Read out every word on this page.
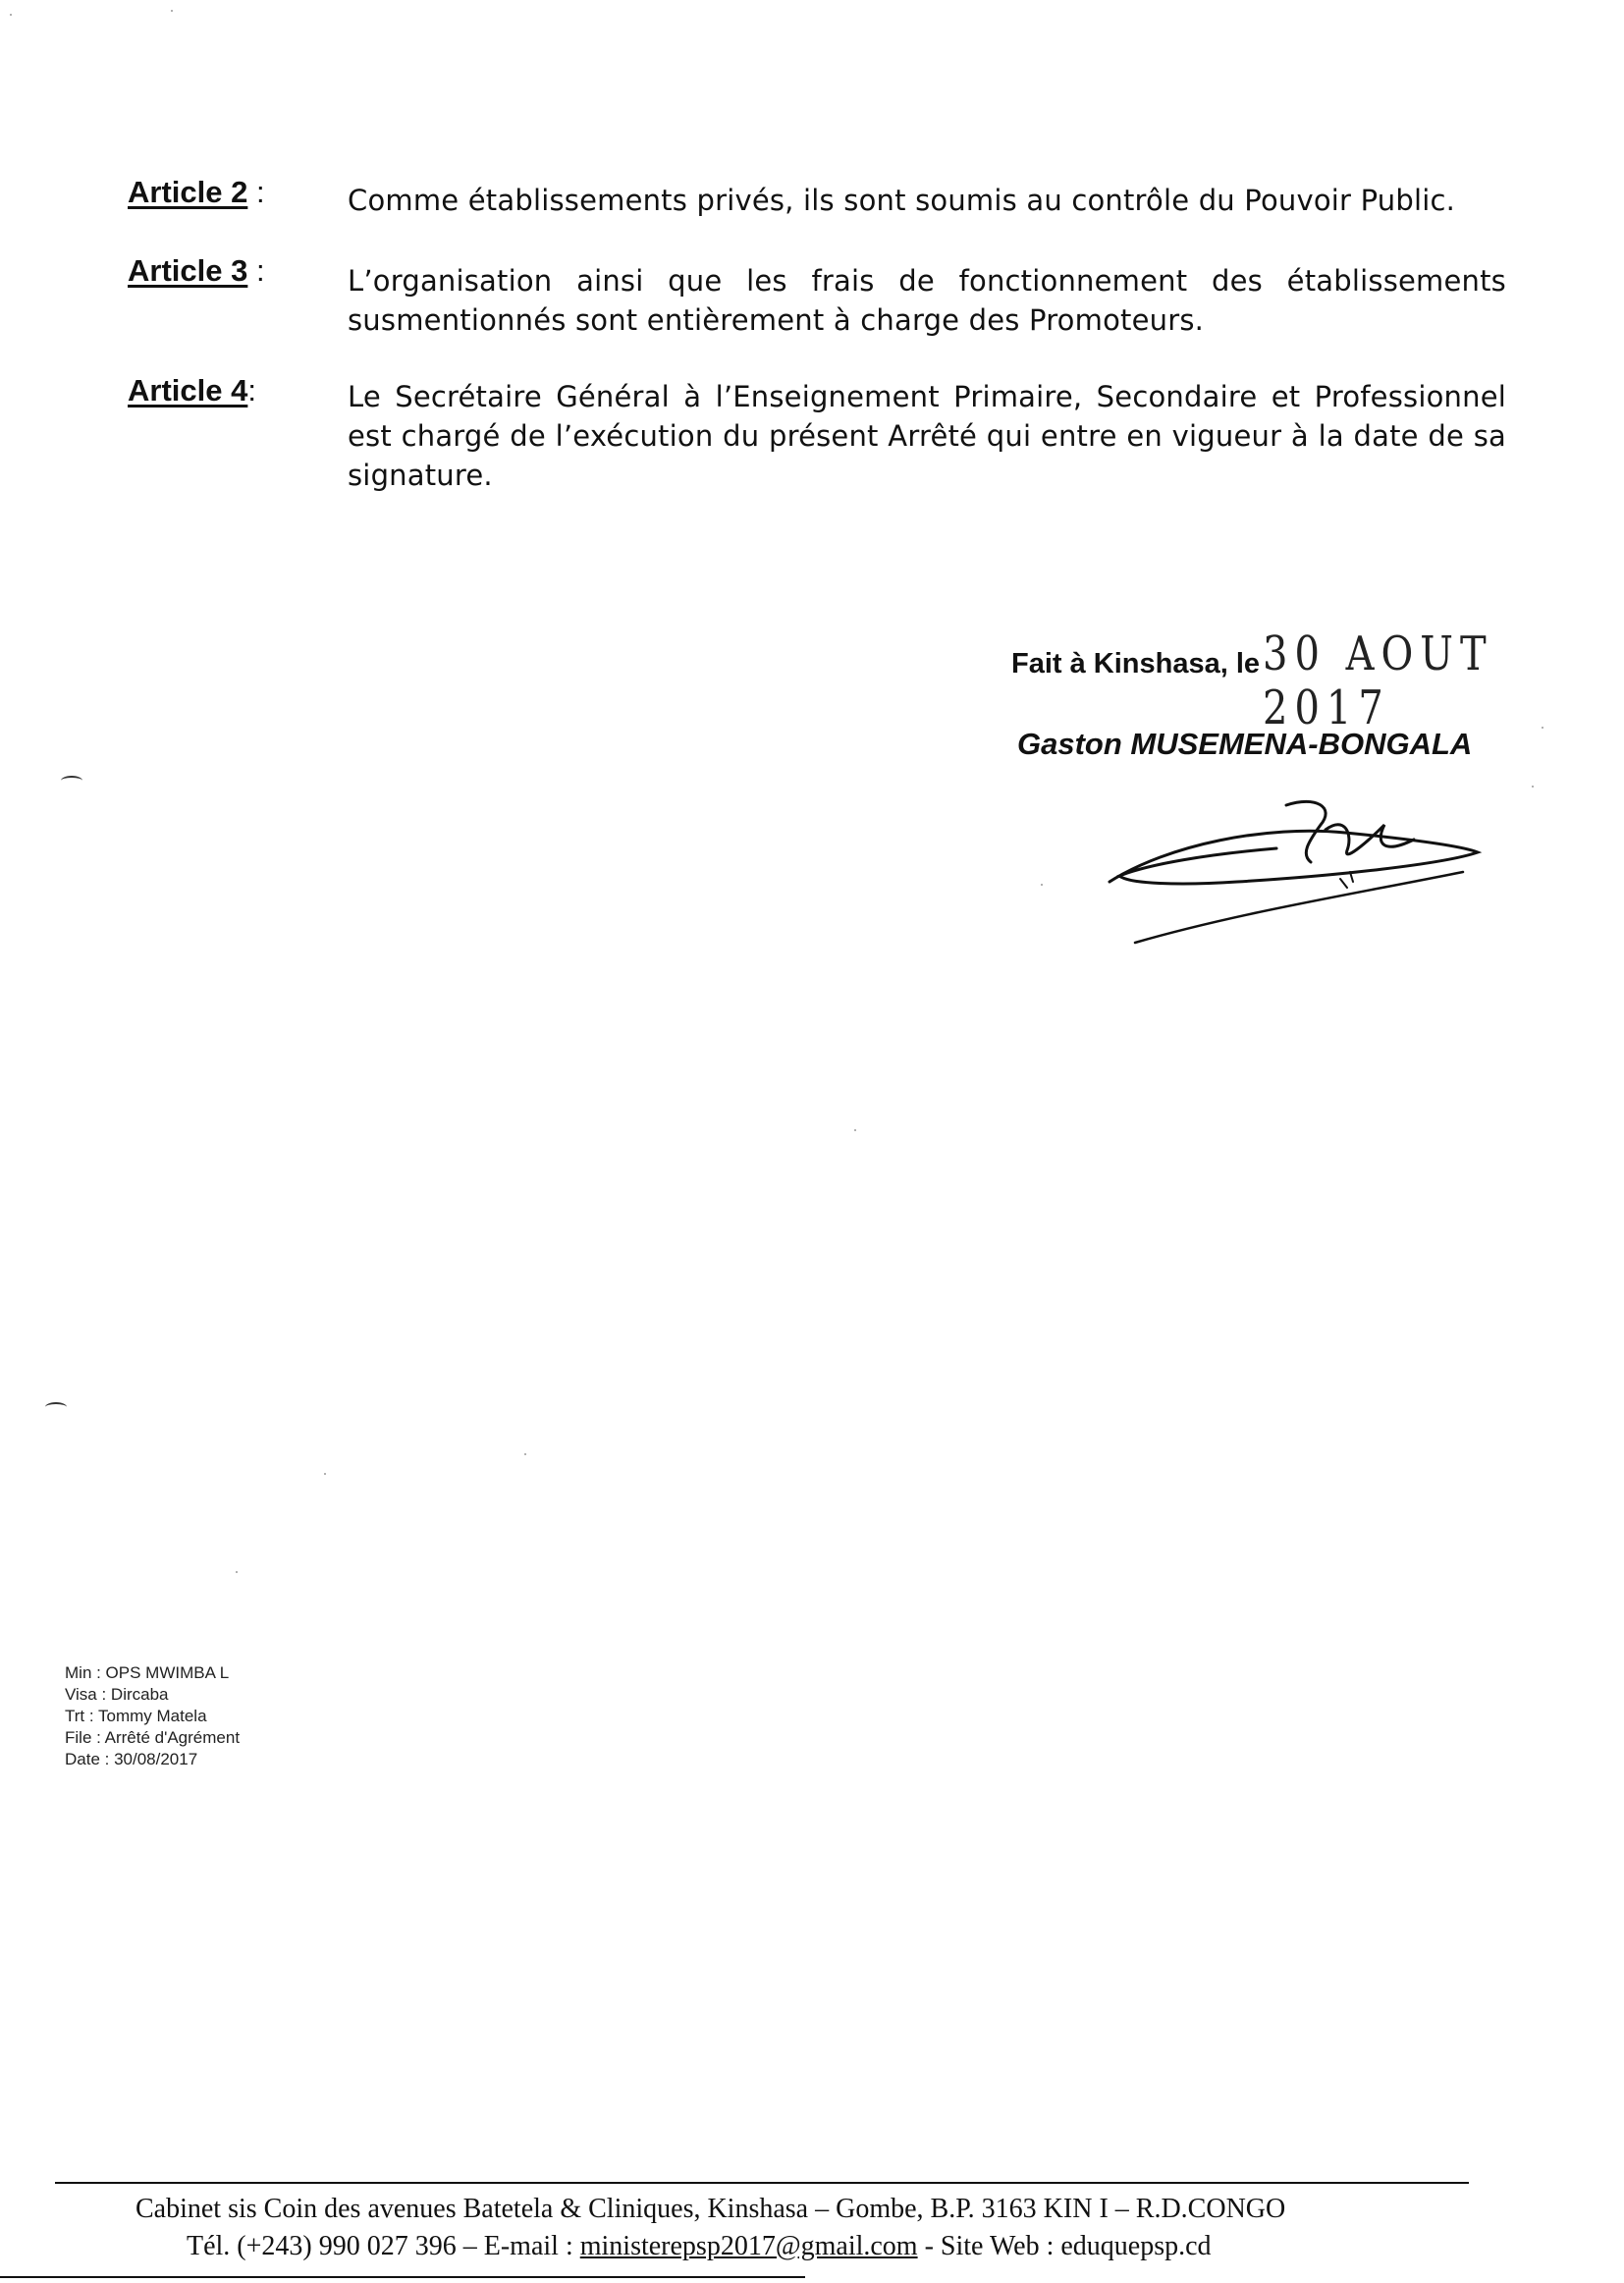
Article 2 :	Comme établissements privés, ils sont soumis au contrôle du Pouvoir Public.
Article 3 :	L’organisation ainsi que les frais de fonctionnement des établissements susmentionnés sont entièrement à charge des Promoteurs.
Article 4:	Le Secrétaire Général à l’Enseignement Primaire, Secondaire et Professionnel est chargé de l’exécution du présent Arrêté qui entre en vigueur à la date de sa signature.
Fait à Kinshasa, le 30 AOUT 2017
Gaston MUSEMENA-BONGALA
Min : OPS MWIMBA L
Visa : Dircaba
Trt : Tommy Matela
File : Arrêté d'Agrément
Date : 30/08/2017
Cabinet sis Coin des avenues Batetela & Cliniques, Kinshasa – Gombe, B.P. 3163 KIN I – R.D.CONGO
Tél. (+243) 990 027 396 – E-mail : ministerepsp2017@gmail.com - Site Web : eduquepsp.cd
